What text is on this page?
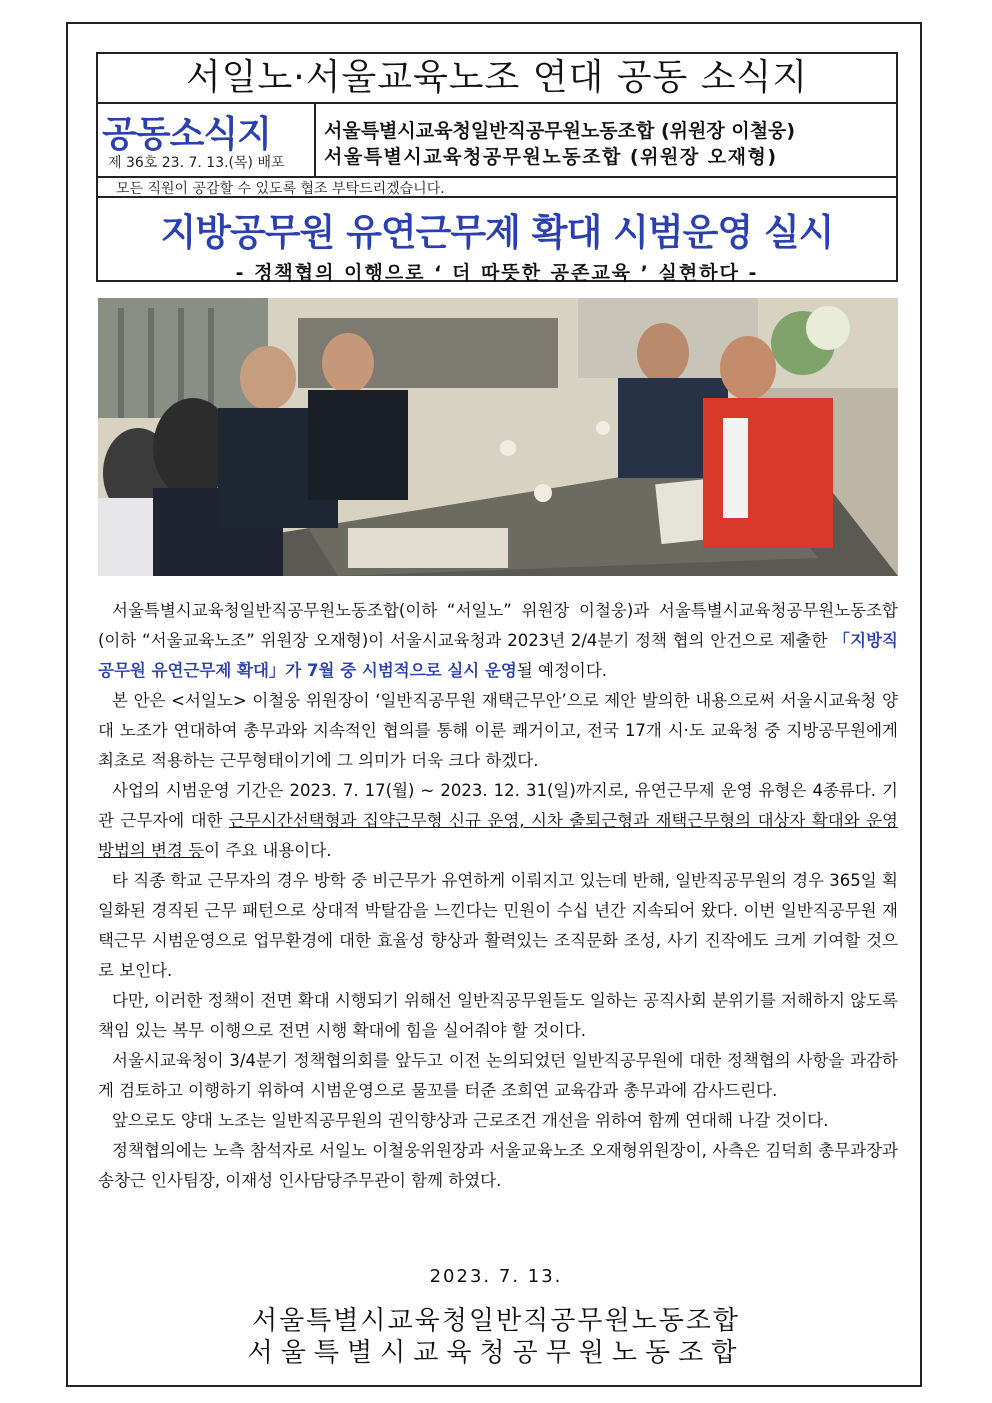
서일노·서울교육노조 연대 공동 소식지
공동소식지
제 36호 23. 7. 13.(목) 배포
서울특별시교육청일반직공무원노동조합 (위원장 이철웅)
서울특별시교육청공무원노동조합 (위원장 오재형)
모든 직원이 공감할 수 있도록 협조 부탁드리겠습니다.
지방공무원 유연근무제 확대 시범운영 실시
- 정책협의 이행으로 ‘ 더 따뜻한 공존교육 ’ 실현하다 -

서울특별시교육청일반직공무원노동조합(이하 “서일노” 위원장 이철웅)과 서울특별시교육청공무원노동조합(이하 “서울교육노조” 위원장 오재형)이 서울시교육청과 2023년 2/4분기 정책 협의 안건으로 제출한 「지방직공무원 유연근무제 확대」가 7월 중 시범적으로 실시 운영될 예정이다.

본 안은 <서일노> 이철웅 위원장이 ‘일반직공무원 재택근무안’으로 제안 발의한 내용으로써 서울시교육청 양대 노조가 연대하여 총무과와 지속적인 협의를 통해 이룬 쾌거이고, 전국 17개 시·도 교육청 중 지방공무원에게 최초로 적용하는 근무형태이기에 그 의미가 더욱 크다 하겠다.

사업의 시범운영 기간은 2023. 7. 17(월) ~ 2023. 12. 31(일)까지로, 유연근무제 운영 유형은 4종류다. 기관 근무자에 대한 근무시간선택형과 집약근무형 신규 운영, 시차 출퇴근형과 재택근무형의 대상자 확대와 운영방법의 변경 등이 주요 내용이다.

타 직종 학교 근무자의 경우 방학 중 비근무가 유연하게 이뤄지고 있는데 반해, 일반직공무원의 경우 365일 획일화된 경직된 근무 패턴으로 상대적 박탈감을 느낀다는 민원이 수십 년간 지속되어 왔다. 이번 일반직공무원 재택근무 시범운영으로 업무환경에 대한 효율성 향상과 활력있는 조직문화 조성, 사기 진작에도 크게 기여할 것으로 보인다.

다만, 이러한 정책이 전면 확대 시행되기 위해선 일반직공무원들도 일하는 공직사회 분위기를 저해하지 않도록 책임 있는 복무 이행으로 전면 시행 확대에 힘을 실어줘야 할 것이다.

서울시교육청이 3/4분기 정책협의회를 앞두고 이전 논의되었던 일반직공무원에 대한 정책협의 사항을 과감하게 검토하고 이행하기 위하여 시범운영으로 물꼬를 터준 조희연 교육감과 총무과에 감사드린다.

앞으로도 양대 노조는 일반직공무원의 권익향상과 근로조건 개선을 위하여 함께 연대해 나갈 것이다.

정책협의에는 노측 참석자로 서일노 이철웅위원장과 서울교육노조 오재형위원장이, 사측은 김덕희 총무과장과 송창근 인사팀장, 이재성 인사담당주무관이 함께 하였다.

2023. 7. 13.
서울특별시교육청일반직공무원노동조합
서울특별시교육청공무원노동조합
